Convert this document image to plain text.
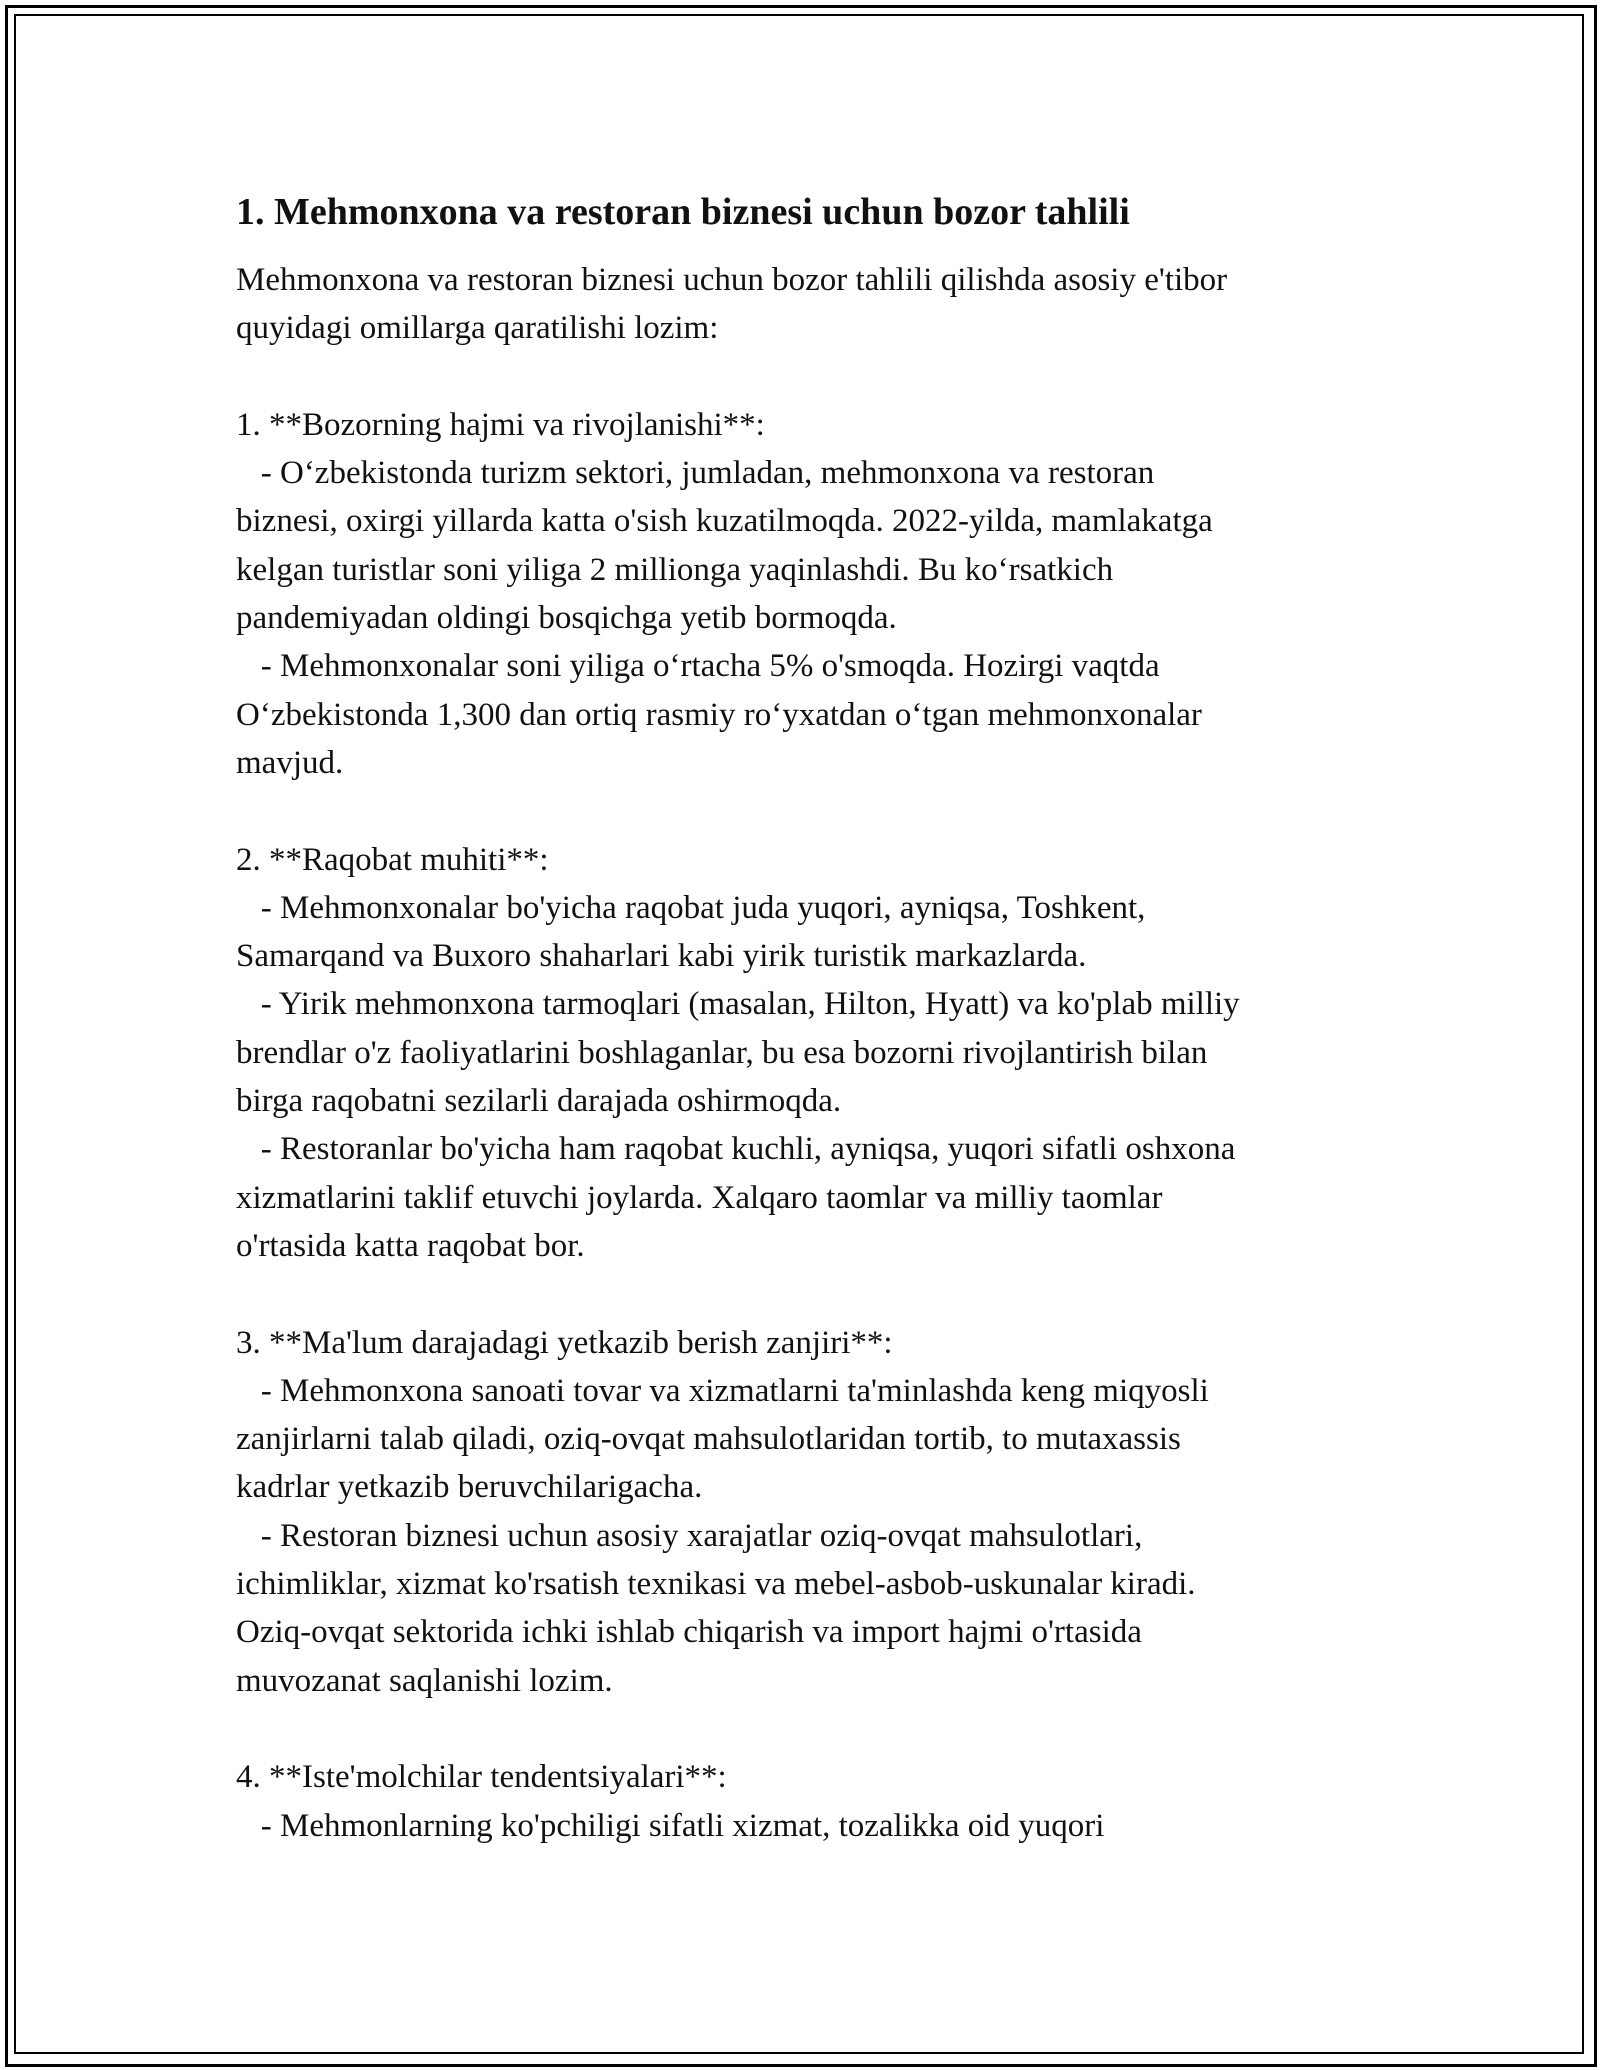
1. Mehmonxona va restoran biznesi uchun bozor tahlili
Mehmonxona va restoran biznesi uchun bozor tahlili qilishda asosiy e'tibor
quyidagi omillarga qaratilishi lozim:

1. **Bozorning hajmi va rivojlanishi**:
- O‘zbekistonda turizm sektori, jumladan, mehmonxona va restoran
biznesi, oxirgi yillarda katta o'sish kuzatilmoqda. 2022-yilda, mamlakatga
kelgan turistlar soni yiliga 2 millionga yaqinlashdi. Bu ko‘rsatkich
pandemiyadan oldingi bosqichga yetib bormoqda.
- Mehmonxonalar soni yiliga o‘rtacha 5% o'smoqda. Hozirgi vaqtda
O‘zbekistonda 1,300 dan ortiq rasmiy ro‘yxatdan o‘tgan mehmonxonalar
mavjud.

2. **Raqobat muhiti**:
- Mehmonxonalar bo'yicha raqobat juda yuqori, ayniqsa, Toshkent,
Samarqand va Buxoro shaharlari kabi yirik turistik markazlarda.
- Yirik mehmonxona tarmoqlari (masalan, Hilton, Hyatt) va ko'plab milliy
brendlar o'z faoliyatlarini boshlaganlar, bu esa bozorni rivojlantirish bilan
birga raqobatni sezilarli darajada oshirmoqda.
- Restoranlar bo'yicha ham raqobat kuchli, ayniqsa, yuqori sifatli oshxona
xizmatlarini taklif etuvchi joylarda. Xalqaro taomlar va milliy taomlar
o'rtasida katta raqobat bor.

3. **Ma'lum darajadagi yetkazib berish zanjiri**:
- Mehmonxona sanoati tovar va xizmatlarni ta'minlashda keng miqyosli
zanjirlarni talab qiladi, oziq-ovqat mahsulotlaridan tortib, to mutaxassis
kadrlar yetkazib beruvchilarigacha.
- Restoran biznesi uchun asosiy xarajatlar oziq-ovqat mahsulotlari,
ichimliklar, xizmat ko'rsatish texnikasi va mebel-asbob-uskunalar kiradi.
Oziq-ovqat sektorida ichki ishlab chiqarish va import hajmi o'rtasida
muvozanat saqlanishi lozim.

4. **Iste'molchilar tendentsiyalari**:
- Mehmonlarning ko'pchiligi sifatli xizmat, tozalikka oid yuqori
